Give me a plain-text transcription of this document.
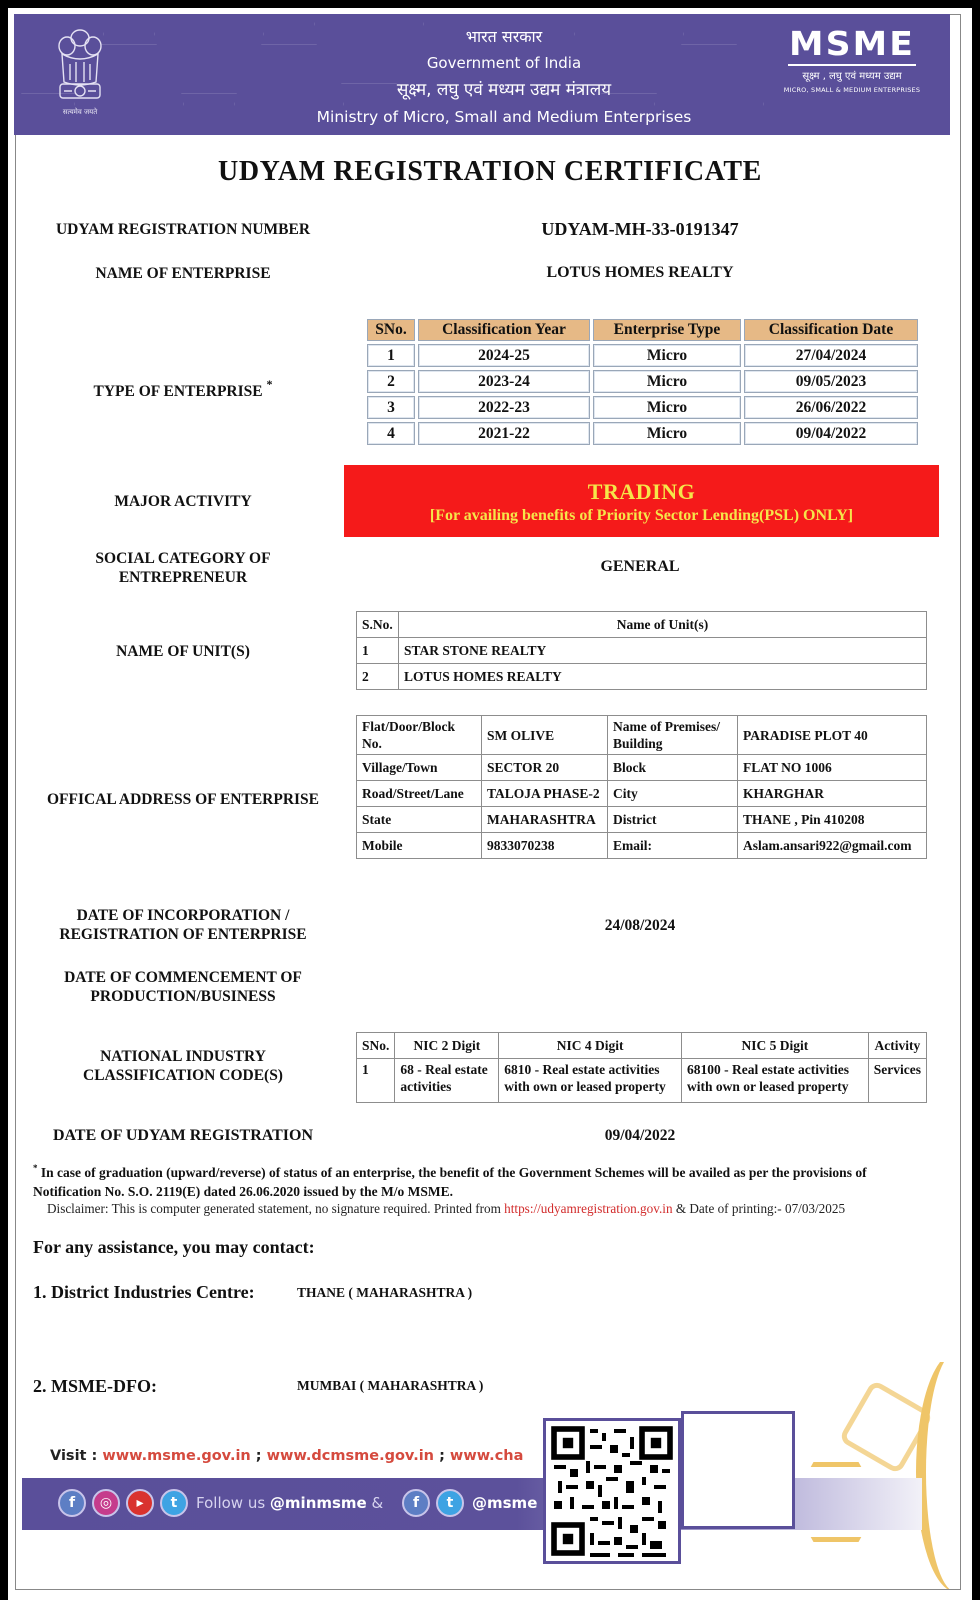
सत्यमेव जयते
भारत सरकार
Government of India
सूक्ष्म, लघु एवं मध्यम उद्यम मंत्रालय
Ministry of Micro, Small and Medium Enterprises
MSME
सूक्ष्म , लघु एवं मध्यम उद्यम
MICRO, SMALL & MEDIUM ENTERPRISES
UDYAM REGISTRATION CERTIFICATE
UDYAM REGISTRATION NUMBER	UDYAM-MH-33-0191347
NAME OF ENTERPRISE	LOTUS HOMES REALTY
TYPE OF ENTERPRISE *
SNo.	Classification Year	Enterprise Type	Classification Date
1	2024-25	Micro	27/04/2024
2	2023-24	Micro	09/05/2023
3	2022-23	Micro	26/06/2022
4	2021-22	Micro	09/04/2022
MAJOR ACTIVITY	TRADING
[For availing benefits of Priority Sector Lending(PSL) ONLY]
SOCIAL CATEGORY OF
ENTREPRENEUR
GENERAL
NAME OF UNIT(S)
S.No.	Name of Unit(s)
1	STAR STONE REALTY
2	LOTUS HOMES REALTY
OFFICAL ADDRESS OF ENTERPRISE
Flat/Door/Block No.	SM OLIVE	Name of Premises/ Building	PARADISE PLOT 40
Village/Town	SECTOR 20	Block	FLAT NO 1006
Road/Street/Lane	TALOJA PHASE-2	City	KHARGHAR
State	MAHARASHTRA	District	THANE , Pin 410208
Mobile	9833070238	Email:	Aslam.ansari922@gmail.com
DATE OF INCORPORATION /
REGISTRATION OF ENTERPRISE
24/08/2024
DATE OF COMMENCEMENT OF
PRODUCTION/BUSINESS
NATIONAL INDUSTRY
CLASSIFICATION CODE(S)
SNo.	NIC 2 Digit	NIC 4 Digit	NIC 5 Digit	Activity
1	68 - Real estate activities	6810 - Real estate activities with own or leased property	68100 - Real estate activities with own or leased property	Services
DATE OF UDYAM REGISTRATION	09/04/2022
* In case of graduation (upward/reverse) of status of an enterprise, the benefit of the Government Schemes will be availed as per the provisions of Notification No. S.O. 2119(E) dated 26.06.2020 issued by the M/o MSME.
Disclaimer: This is computer generated statement, no signature required. Printed from https://udyamregistration.gov.in & Date of printing:- 07/03/2025
For any assistance, you may contact:
1. District Industries Centre:	THANE ( MAHARASHTRA )
2. MSME-DFO:	MUMBAI ( MAHARASHTRA )
Visit : www.msme.gov.in ; www.dcmsme.gov.in ; www.cha
f	◎	▸	t	Follow us @minmsme &	f	t	@msme
